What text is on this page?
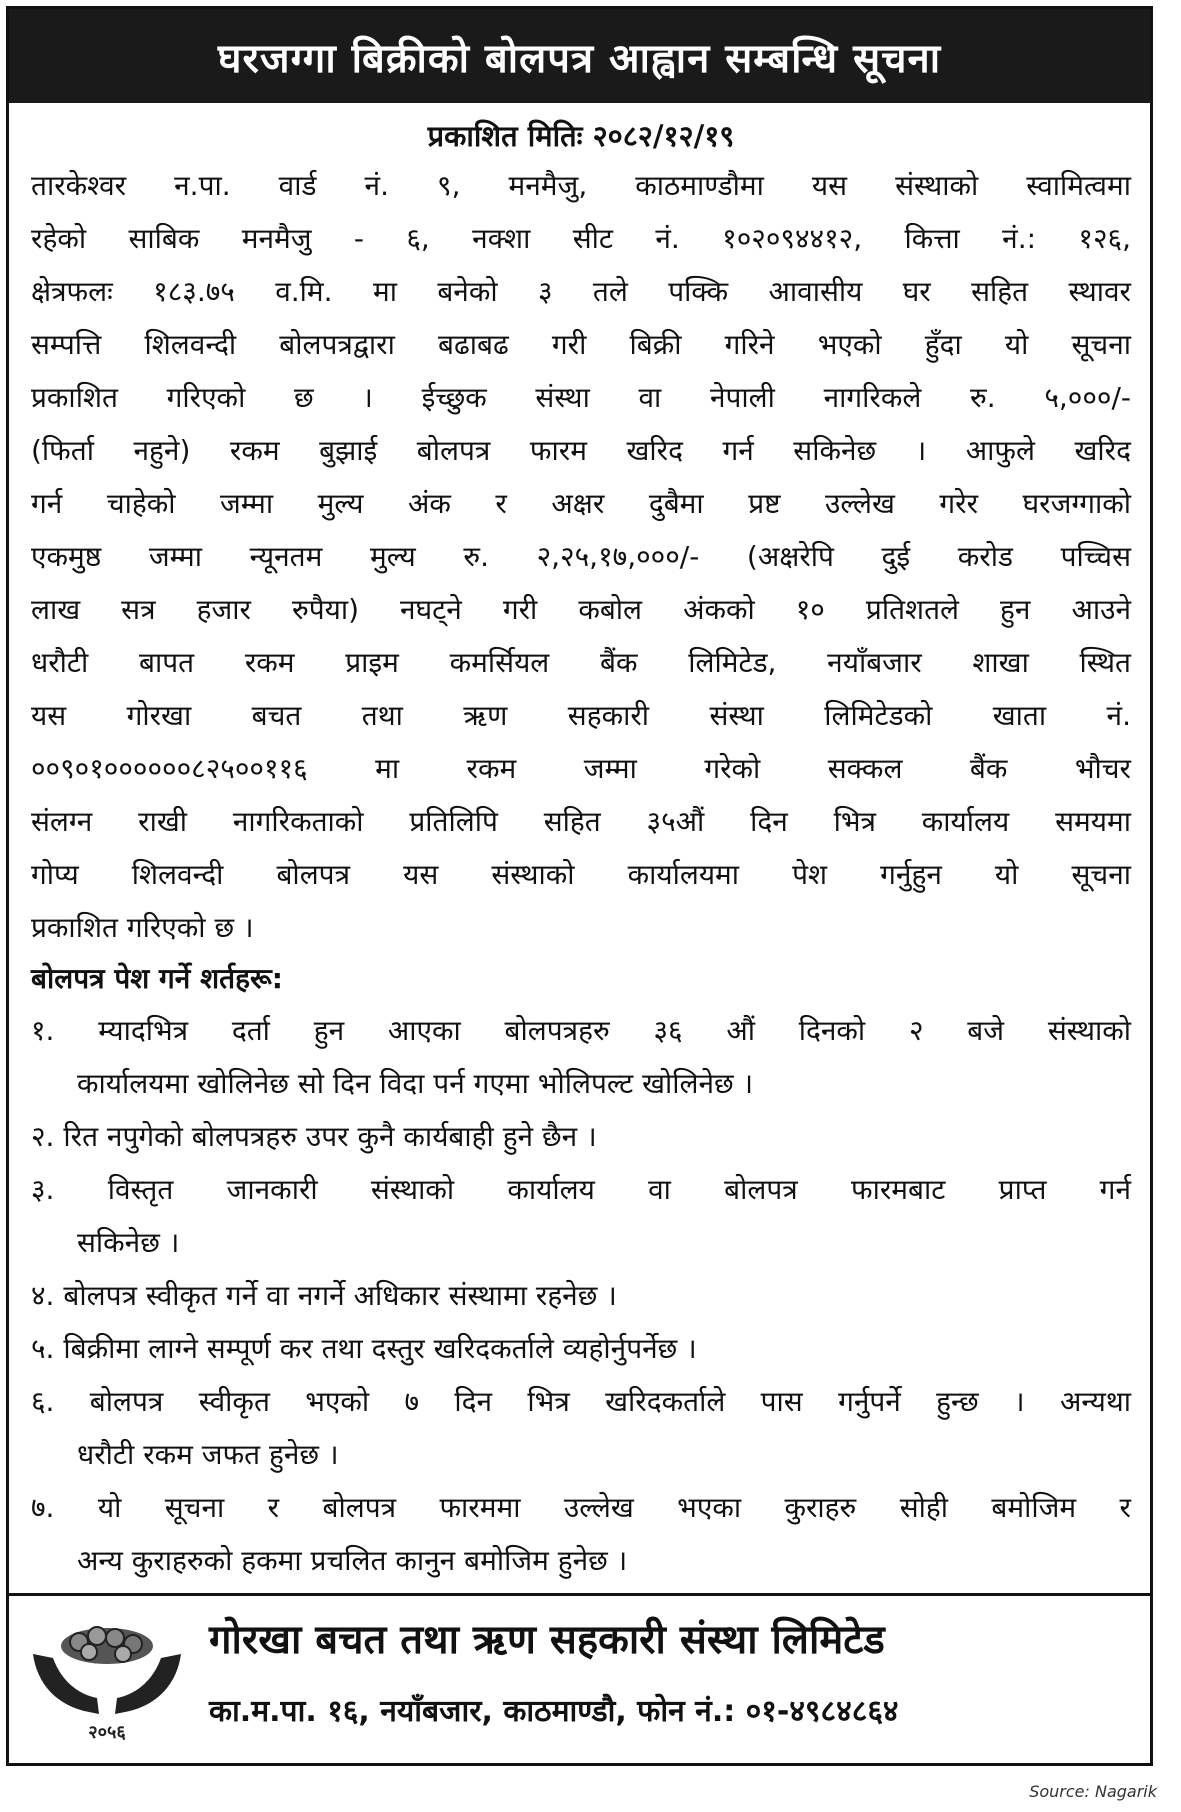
घरजग्गा बिक्रीको बोलपत्र आह्वान सम्बन्धि सूचना
प्रकाशित मितिः २०८२/१२/१९
तारकेश्वर न.पा. वार्ड नं. ९, मनमैजु, काठमाण्डौमा यस संस्थाको स्वामित्वमा
रहेको साबिक मनमैजु - ६, नक्शा सीट नं. १०२०९४४१२, कित्ता नं.: १२६,
क्षेत्रफलः १८३.७५ व.मि. मा बनेको ३ तले पक्कि आवासीय घर सहित स्थावर
सम्पत्ति शिलवन्दी बोलपत्रद्वारा बढाबढ गरी बिक्री गरिने भएको हुँदा यो सूचना
प्रकाशित गरिएको छ । ईच्छुक संस्था वा नेपाली नागरिकले रु. ५,०००/-
(फिर्ता नहुने) रकम बुझाई बोलपत्र फारम खरिद गर्न सकिनेछ । आफुले खरिद
गर्न चाहेको जम्मा मुल्य अंक र अक्षर दुबैमा प्रष्ट उल्लेख गरेर घरजग्गाको
एकमुष्ठ जम्मा न्यूनतम मुल्य रु. २,२५,१७,०००/- (अक्षरेपि दुई करोड पच्चिस
लाख सत्र हजार रुपैया) नघट्ने गरी कबोल अंकको १० प्रतिशतले हुन आउने
धरौटी बापत रकम प्राइम कमर्सियल बैंक लिमिटेड, नयाँबजार शाखा स्थित
यस गोरखा बचत तथा ऋण सहकारी संस्था लिमिटेडको खाता नं.
००९०१००००००८२५००११६ मा रकम जम्मा गरेको सक्कल बैंक भौचर
संलग्न राखी नागरिकताको प्रतिलिपि सहित ३५औं दिन भित्र कार्यालय समयमा
गोप्य शिलवन्दी बोलपत्र यस संस्थाको कार्यालयमा पेश गर्नुहुन यो सूचना
प्रकाशित गरिएको छ ।
बोलपत्र पेश गर्ने शर्तहरू:
१. म्यादभित्र दर्ता हुन आएका बोलपत्रहरु ३६ औं दिनको २ बजे संस्थाको
कार्यालयमा खोलिनेछ सो दिन विदा पर्न गएमा भोलिपल्ट खोलिनेछ ।
२. रित नपुगेको बोलपत्रहरु उपर कुनै कार्यबाही हुने छैन ।
३. विस्तृत जानकारी संस्थाको कार्यालय वा बोलपत्र फारमबाट प्राप्त गर्न
सकिनेछ ।
४. बोलपत्र स्वीकृत गर्ने वा नगर्ने अधिकार संस्थामा रहनेछ ।
५. बिक्रीमा लाग्ने सम्पूर्ण कर तथा दस्तुर खरिदकर्ताले व्यहोर्नुपर्नेछ ।
६. बोलपत्र स्वीकृत भएको ७ दिन भित्र खरिदकर्ताले पास गर्नुपर्ने हुन्छ । अन्यथा
धरौटी रकम जफत हुनेछ ।
७. यो सूचना र बोलपत्र फारममा उल्लेख भएका कुराहरु सोही बमोजिम र
अन्य कुराहरुको हकमा प्रचलित कानुन बमोजिम हुनेछ ।
२०५६
गोरखा बचत तथा ऋण सहकारी संस्था लिमिटेड
का.म.पा. १६, नयाँबजार, काठमाण्डौ, फोन नं.: ०१-४९८४८६४
Source: Nagarik
